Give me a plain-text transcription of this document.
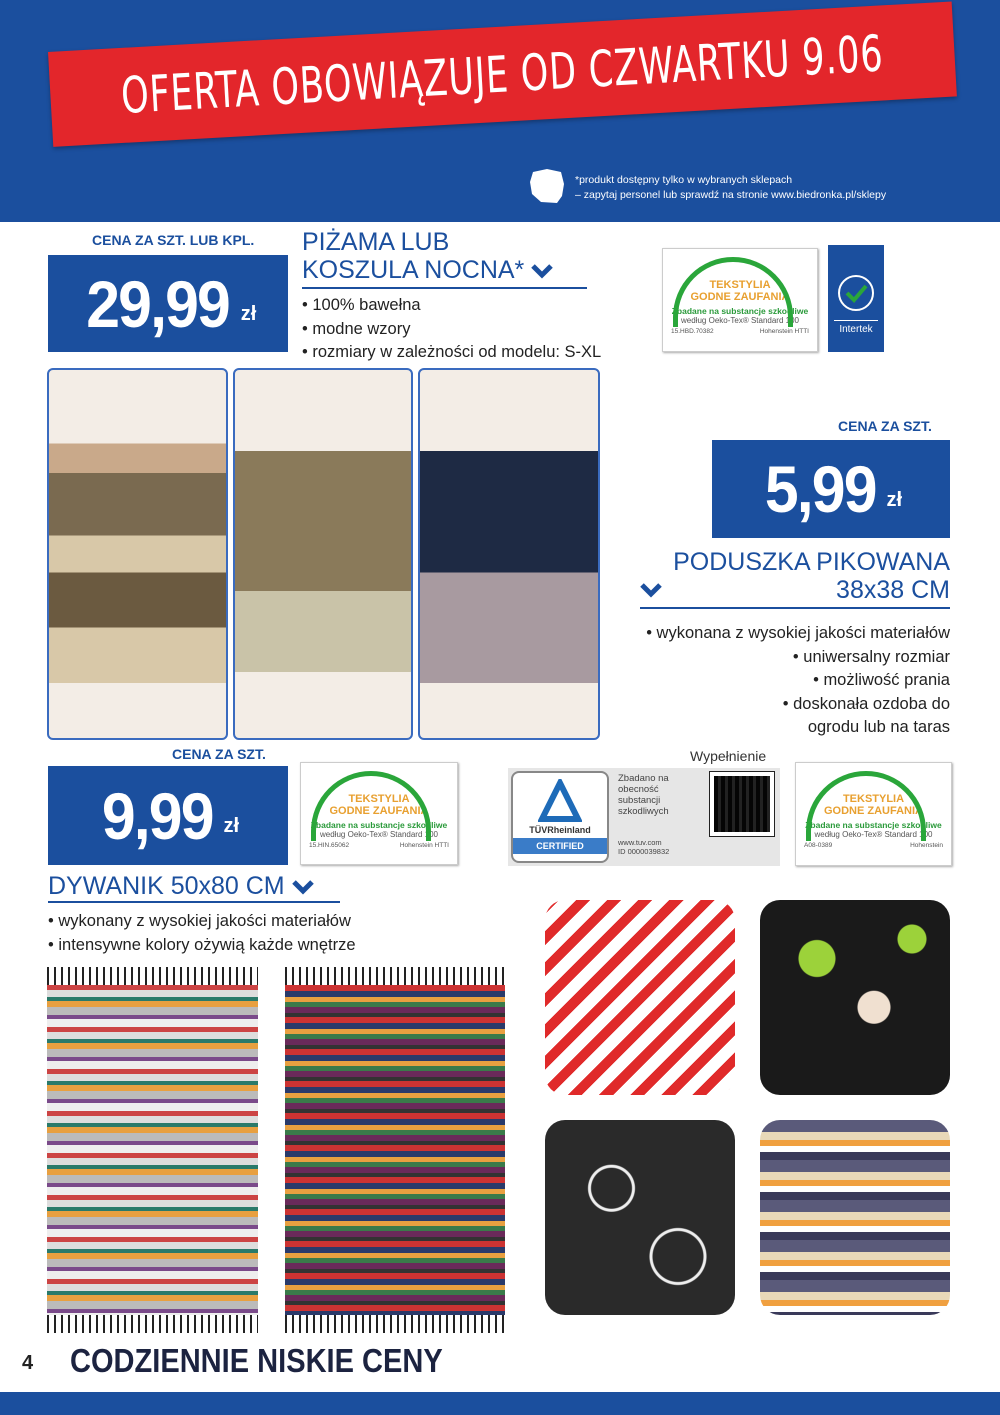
OFERTA OBOWIĄZUJE OD CZWARTKU 9.06
*produkt dostępny tylko w wybranych sklepach
– zapytaj personel lub sprawdź na stronie www.biedronka.pl/sklepy
CENA ZA SZT. LUB KPL.
29,99 zł
PIŻAMA LUB
KOSZULA NOCNA*
• 100% bawełna
• modne wzory
• rozmiary w zależności od modelu: S-XL
TEKSTYLIA
GODNE ZAUFANIA
Zbadane na substancje szkodliwe
według Oeko-Tex® Standard 100
15.HBD.70382	Hohenstein HTTI	Intertek
CENA ZA SZT.
5,99 zł
PODUSZKA PIKOWANA
38x38 CM
• wykonana z wysokiej jakości materiałów
• uniwersalny rozmiar
• możliwość prania
• doskonała ozdoba do
ogrodu lub na taras
CENA ZA SZT.
9,99 zł
TEKSTYLIA
GODNE ZAUFANIA
Zbadane na substancje szkodliwe
według Oeko-Tex® Standard 100
15.HIN.65062	Hohenstein HTTI
Wypełnienie
TÜVRheinland
CERTIFIED
Zbadano na obecność substancji szkodliwych
www.tuv.com
ID 0000039832
TEKSTYLIA
GODNE ZAUFANIA
Zbadane na substancje szkodliwe
według Oeko-Tex® Standard 100
A08-0389	Hohenstein
DYWANIK 50x80 CM
• wykonany z wysokiej jakości materiałów
• intensywne kolory ożywią każde wnętrze
4 CODZIENNIE NISKIE CENY
